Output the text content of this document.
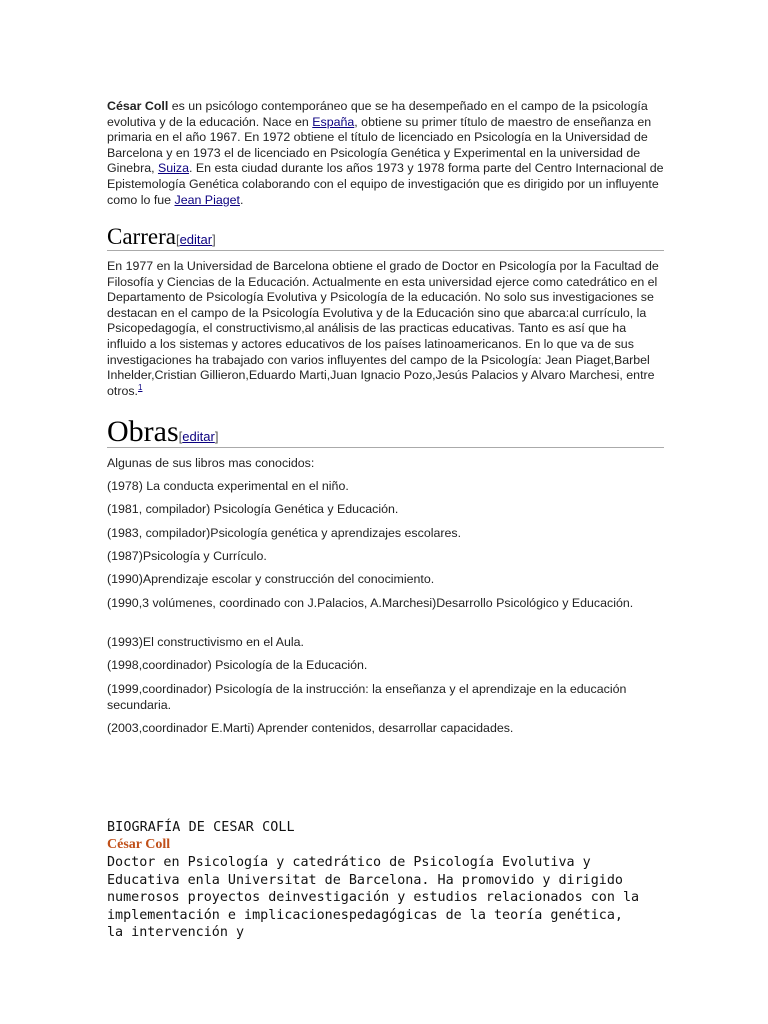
César Coll es un psicólogo contemporáneo que se ha desempeñado en el campo de la psicología evolutiva y de la educación. Nace en España, obtiene su primer título de maestro de enseñanza en primaria en el año 1967. En 1972 obtiene el título de licenciado en Psicología en la Universidad de Barcelona y en 1973 el de licenciado en Psicología Genética y Experimental en la universidad de Ginebra, Suiza. En esta ciudad durante los años 1973 y 1978 forma parte del Centro Internacional de Epistemología Genética colaborando con el equipo de investigación que es dirigido por un influyente como lo fue Jean Piaget.

Carrera[editar]

En 1977 en la Universidad de Barcelona obtiene el grado de Doctor en Psicología por la Facultad de Filosofía y Ciencias de la Educación. Actualmente en esta universidad ejerce como catedrático en el Departamento de Psicología Evolutiva y Psicología de la educación. No solo sus investigaciones se destacan en el campo de la Psicología Evolutiva y de la Educación sino que abarca:al currículo, la Psicopedagogía, el constructivismo,al análisis de las practicas educativas. Tanto es así que ha influido a los sistemas y actores educativos de los países latinoamericanos. En lo que va de sus investigaciones ha trabajado con varios influyentes del campo de la Psicología: Jean Piaget,Barbel Inhelder,Cristian Gillieron,Eduardo Marti,Juan Ignacio Pozo,Jesús Palacios y Alvaro Marchesi, entre otros.$^1$

Obras[editar]

Algunas de sus libros mas conocidos:

(1978) La conducta experimental en el niño.

(1981, compilador) Psicología Genética y Educación.

(1983, compilador)Psicología genética y aprendizajes escolares.

(1987)Psicología y Currículo.

(1990)Aprendizaje escolar y construcción del conocimiento.

(1990,3 volúmenes, coordinado con J.Palacios, A.Marchesi)Desarrollo Psicológico y Educación.

(1993)El constructivismo en el Aula.

(1998,coordinador) Psicología de la Educación.

(1999,coordinador) Psicología de la instrucción: la enseñanza y el aprendizaje en la educación secundaria.

(2003,coordinador E.Marti) Aprender contenidos, desarrollar capacidades.

BIOGRAFÍA DE CESAR COLL
César Coll

Doctor en Psicología y catedrático de Psicología Evolutiva y Educativa enla Universitat de Barcelona. Ha promovido y dirigido numerosos proyectos deinvestigación y estudios relacionados con la implementación e implicacionespedagógicas de la teoría genética, la intervención y
